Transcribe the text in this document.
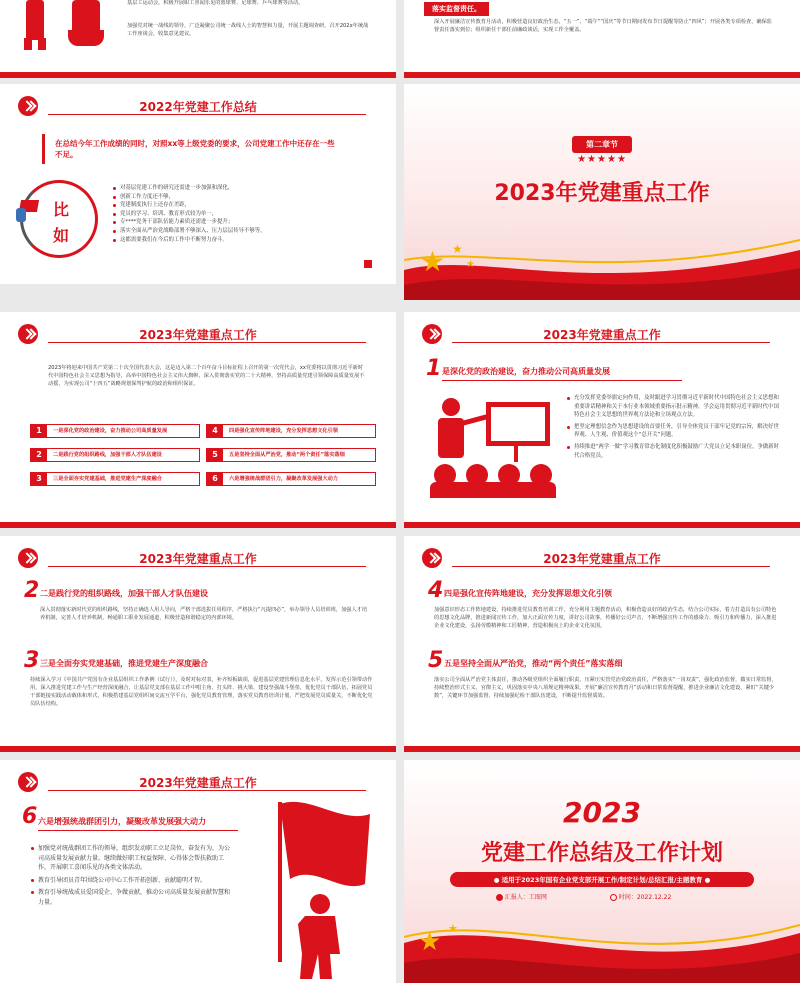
基层工运动会，积极开展职工喜闻乐见的篮球赛、足球赛、乒乓球赛等活动。
加强党对统一战线的领导，广泛凝聚公司统一战线人士的智慧和力量，开展主题调查研，召开202x年统战工作座谈会，收集意见建议。
落实监督责任。
深入开展廉洁宣传教育月活动，积极营造良好政治生态，“五一”、“端午”“国庆”等节日期间发布节日提醒等防止“四风”；开展各类专项检查，确保监督责任落实到位；组织新任干部任前廉政谈话，实现工作全覆盖。
2022年党建工作总结
在总结今年工作成绩的同时，对照xx等上级党委的要求，公司党建工作中还存在一些不足。
比
如
对基层党建工作的研究还需进一步加强和深化，
创新工作力度还不够，
党建制度执行上还存在差距，
党员的学习、培训、教育形式较为单一，
专****党务干部队伍能力素质还需进一步提升；
落实全面从严治党战略部署不够深入、压力层层传导不够等，
这都需要我们在今后的工作中不断努力奋斗。
第二章节
★★★★★
2023年党建重点工作
★ ★
★
2023年党建重点工作
2023年将迎来中国共产党第二十次全国代表大会，这是迈入第二个百年奋斗目标征程上召开的第一次党代会，xx党委将以贯彻习近平新时代中国特色社会主义思想为指导，高举中国特色社会主义伟大旗帜，深入贯彻落实党的二十大精神，坚持高质量党建引领保障高质量发展不动摇，为实现公司“十四五”战略规划保驾护航的政治和组织保证。
1	一是深化党的政治建设，奋力推动公司高质量发展
2	二是践行党的组织路线，加强干部人才队伍建设
3	三是全面夯实党建基础，推进党建生产深度融合
4	四是强化宣传阵地建设，充分发挥思想文化引领
5	五是坚持全面从严治党，推动“两个责任”落实落细
6	六是增强统战群团引力，凝聚改革发展强大动力
2023年党建重点工作
1 是深化党的政治建设，奋力推动公司高质量发展
充分发挥党委举旗定向作用，及时跟进学习贯彻习近平新时代中国特色社会主义思想和重要讲话精神和关于本行业本领域重要指示批示精神，学会运用贯彻习近平新时代中国特色社会主义思想的世界观方法论和立场观点方法。
把坚定理想信念作为思想建设的首要任务，引导全体党员干部牢记党的宗旨，解决好世界观、人生观、价值观这个“总开关”问题。
持续推进“两学一做”学习教育常态化制度化积极鼓励广大党员立足本职岗位，争做新时代合格党员。
2023年党建重点工作
2 二是践行党的组织路线，加强干部人才队伍建设
深入贯彻落实新时代党的组织路线，坚持正确选人用人导向，严格干部选拔任用程序，严格执行“凡提四必”，举办领导人员培训班，加强人才培养机制，完善人才培养机制，畅通职工职业发展通道，积极营造和谐稳定的内部环境。
3 三是全面夯实党建基础，推进党建生产深度融合
持续深入学习《中国共产党国有企业基层组织工作条例（试行）》，及时对标对表，补齐短板缺项，促进基层党建管理信息化水平。发挥示范引领带动作用，深入推进党建工作与生产经营深度融合，让基层党支部在基层工作中唱主角、打头阵、挑大梁，建设坚强战斗堡垒，优化党员干部队伍，拓展党员干部链接实践活动载体和形式，积极搭建基层党组织间交流互学平台，强化党员教育管理，落实党员教育培训计划，严把发展党员质量关，不断优化党员队伍结构。
2023年党建重点工作
4 四是强化宣传阵地建设，充分发挥思想文化引领
加强意识形态工作阵地建设，持续推进党员教育培训工作，充分利用主题教育活动，积极营造良好的政治生态，结合公司实际，着力打造具有公司特色的思想文化品牌，推进新闻宣传工作，加大正面宣传力度，讲好公司故事，传播好公司声音，不断增强宣传工作的感染力、吸引力和传播力，深入推进企业文化建设，弘扬劳模精神和工匠精神，营造积极向上的企业文化氛围。
5 五是坚持全面从严治党，推动“两个责任”落实落细
落实公司全面从严治党主体责任，推动各级党组织全面履行职责，压紧压实管党治党政治责任，严格落实“一岗双责”，强化政治监督，做实日常监督，持续整治形式主义、官僚主义，巩固落实中央八项规定精神成果。开展“廉洁宣传教育月”活动和日常监督提醒，推进企业廉洁文化建设，紧盯“关键少数”，关键环节加强监督，持续加强纪检干部队伍建设，不断提升监督质效。
2023年党建重点工作
6 六是增强统战群团引力，凝聚改革发展强大动力
加强党对统战群团工作的领导，组织发动职工立足岗位，奋发有为，为公司高质量发展贡献力量。继续做好职工权益保障、心得体会帮扶救助工作，开展职工喜闻乐见的各类文体活动。
教育引导团员青年围绕公司中心工作开拓创新、贡献聪明才智。
教育引导统战成员爱国爱企、争做贡献，推动公司高质量发展贡献智慧和力量。
2023
党建工作总结及工作计划
● 适用于2023年国有企业党支部开展工作/制定计划/总结汇报/主题教育 ●
汇报人：工图网	时间：2022.12.22
★ ★
